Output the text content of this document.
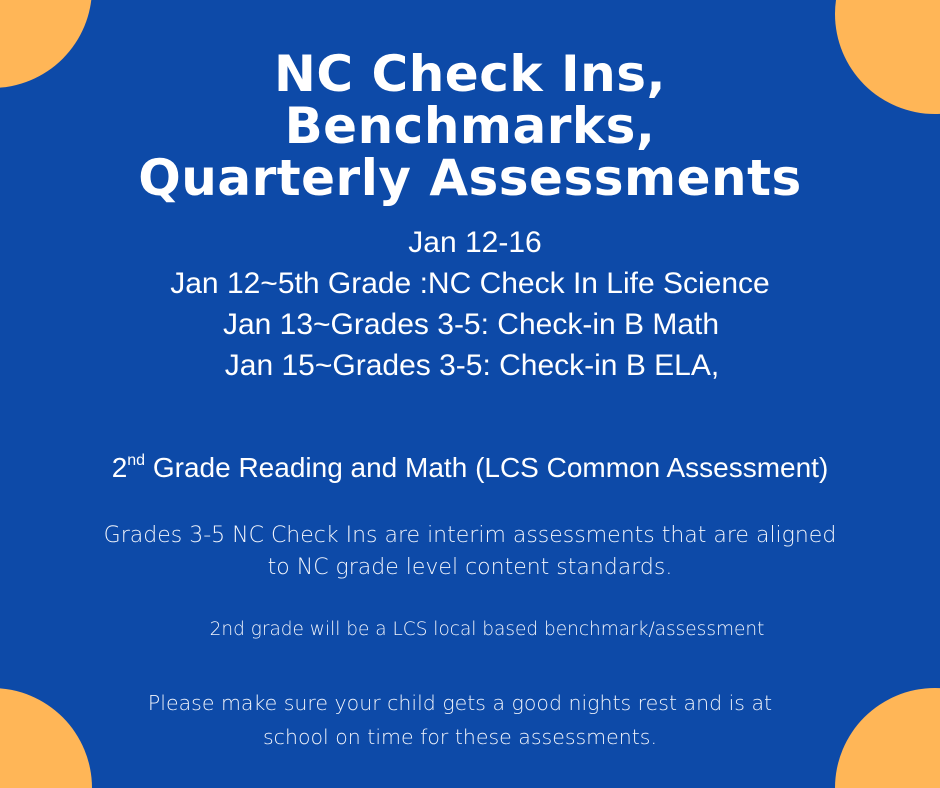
NC Check Ins,
Benchmarks,
Quarterly Assessments

Jan 12-16
Jan 12~5th Grade :NC Check In Life Science
Jan 13~Grades 3-5: Check-in B Math
Jan 15~Grades 3-5: Check-in B ELA,

2nd Grade Reading and Math (LCS Common Assessment)
Grades 3-5 NC Check Ins are interim assessments that are aligned
to NC grade level content standards.
2nd grade will be a LCS local based benchmark/assessment
Please make sure your child gets a good nights rest and is at
school on time for these assessments.
